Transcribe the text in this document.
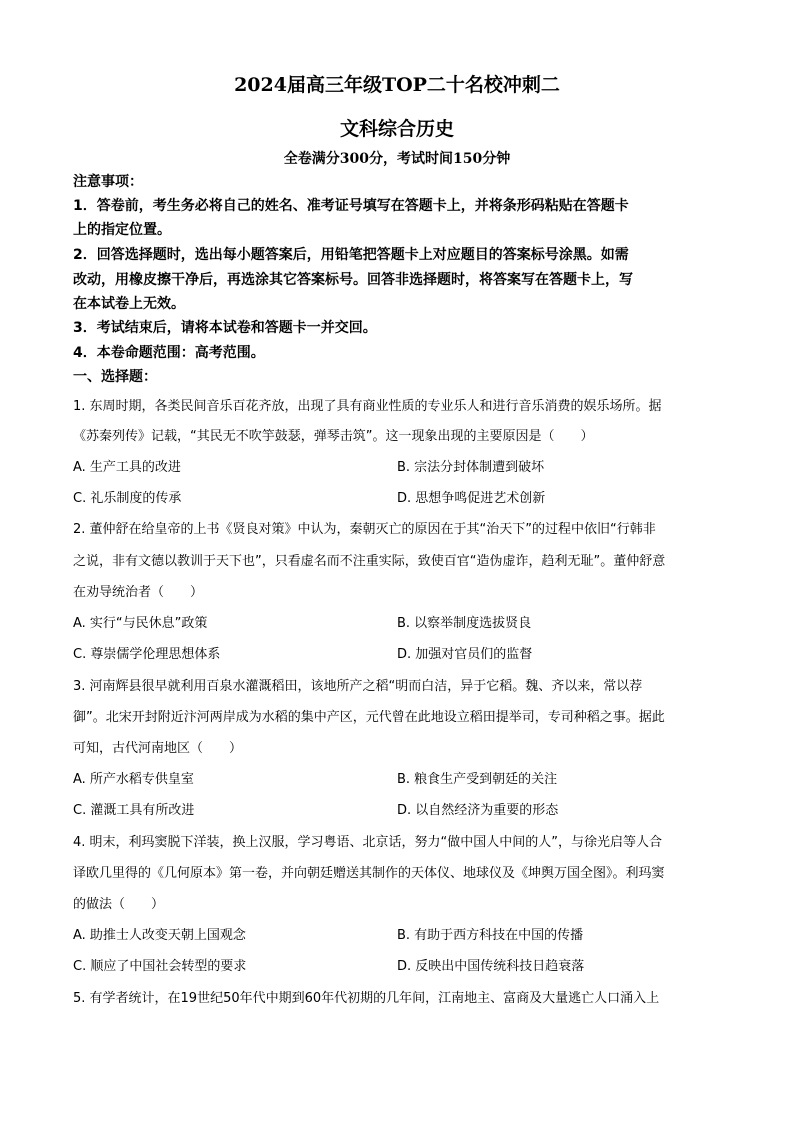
2024届高三年级TOP二十名校冲刺二
文科综合历史
全卷满分300分，考试时间150分钟
注意事项：
1．答卷前，考生务必将自己的姓名、准考证号填写在答题卡上，并将条形码粘贴在答题卡
上的指定位置。
2．回答选择题时，选出每小题答案后，用铅笔把答题卡上对应题目的答案标号涂黑。如需
改动，用橡皮擦干净后，再选涂其它答案标号。回答非选择题时，将答案写在答题卡上，写
在本试卷上无效。
3．考试结束后，请将本试卷和答题卡一并交回。
4．本卷命题范围：高考范围。
一、选择题：
1. 东周时期，各类民间音乐百花齐放，出现了具有商业性质的专业乐人和进行音乐消费的娱乐场所。据
《苏秦列传》记载，“其民无不吹竽鼓瑟，弹琴击筑”。这一现象出现的主要原因是（　　）
A. 生产工具的改进	B. 宗法分封体制遭到破坏
C. 礼乐制度的传承	D. 思想争鸣促进艺术创新
2. 董仲舒在给皇帝的上书《贤良对策》中认为，秦朝灭亡的原因在于其“治天下”的过程中依旧“行韩非
之说，非有文德以教训于天下也”，只看虚名而不注重实际，致使百官“造伪虚诈，趋利无耻”。董仲舒意
在劝导统治者（　　）
A. 实行“与民休息”政策	B. 以察举制度选拔贤良
C. 尊崇儒学伦理思想体系	D. 加强对官员们的监督
3. 河南辉县很早就利用百泉水灌溉稻田，该地所产之稻“明而白洁，异于它稻。魏、齐以来，常以荐
御”。北宋开封附近汴河两岸成为水稻的集中产区，元代曾在此地设立稻田提举司，专司种稻之事。据此
可知，古代河南地区（　　）
A. 所产水稻专供皇室	B. 粮食生产受到朝廷的关注
C. 灌溉工具有所改进	D. 以自然经济为重要的形态
4. 明末，利玛窦脱下洋装，换上汉服，学习粤语、北京话，努力“做中国人中间的人”，与徐光启等人合
译欧几里得的《几何原本》第一卷，并向朝廷赠送其制作的天体仪、地球仪及《坤舆万国全图》。利玛窦
的做法（　　）
A. 助推士人改变天朝上国观念	B. 有助于西方科技在中国的传播
C. 顺应了中国社会转型的要求	D. 反映出中国传统科技日趋衰落
5. 有学者统计，在19世纪50年代中期到60年代初期的几年间，江南地主、富商及大量逃亡人口涌入上
